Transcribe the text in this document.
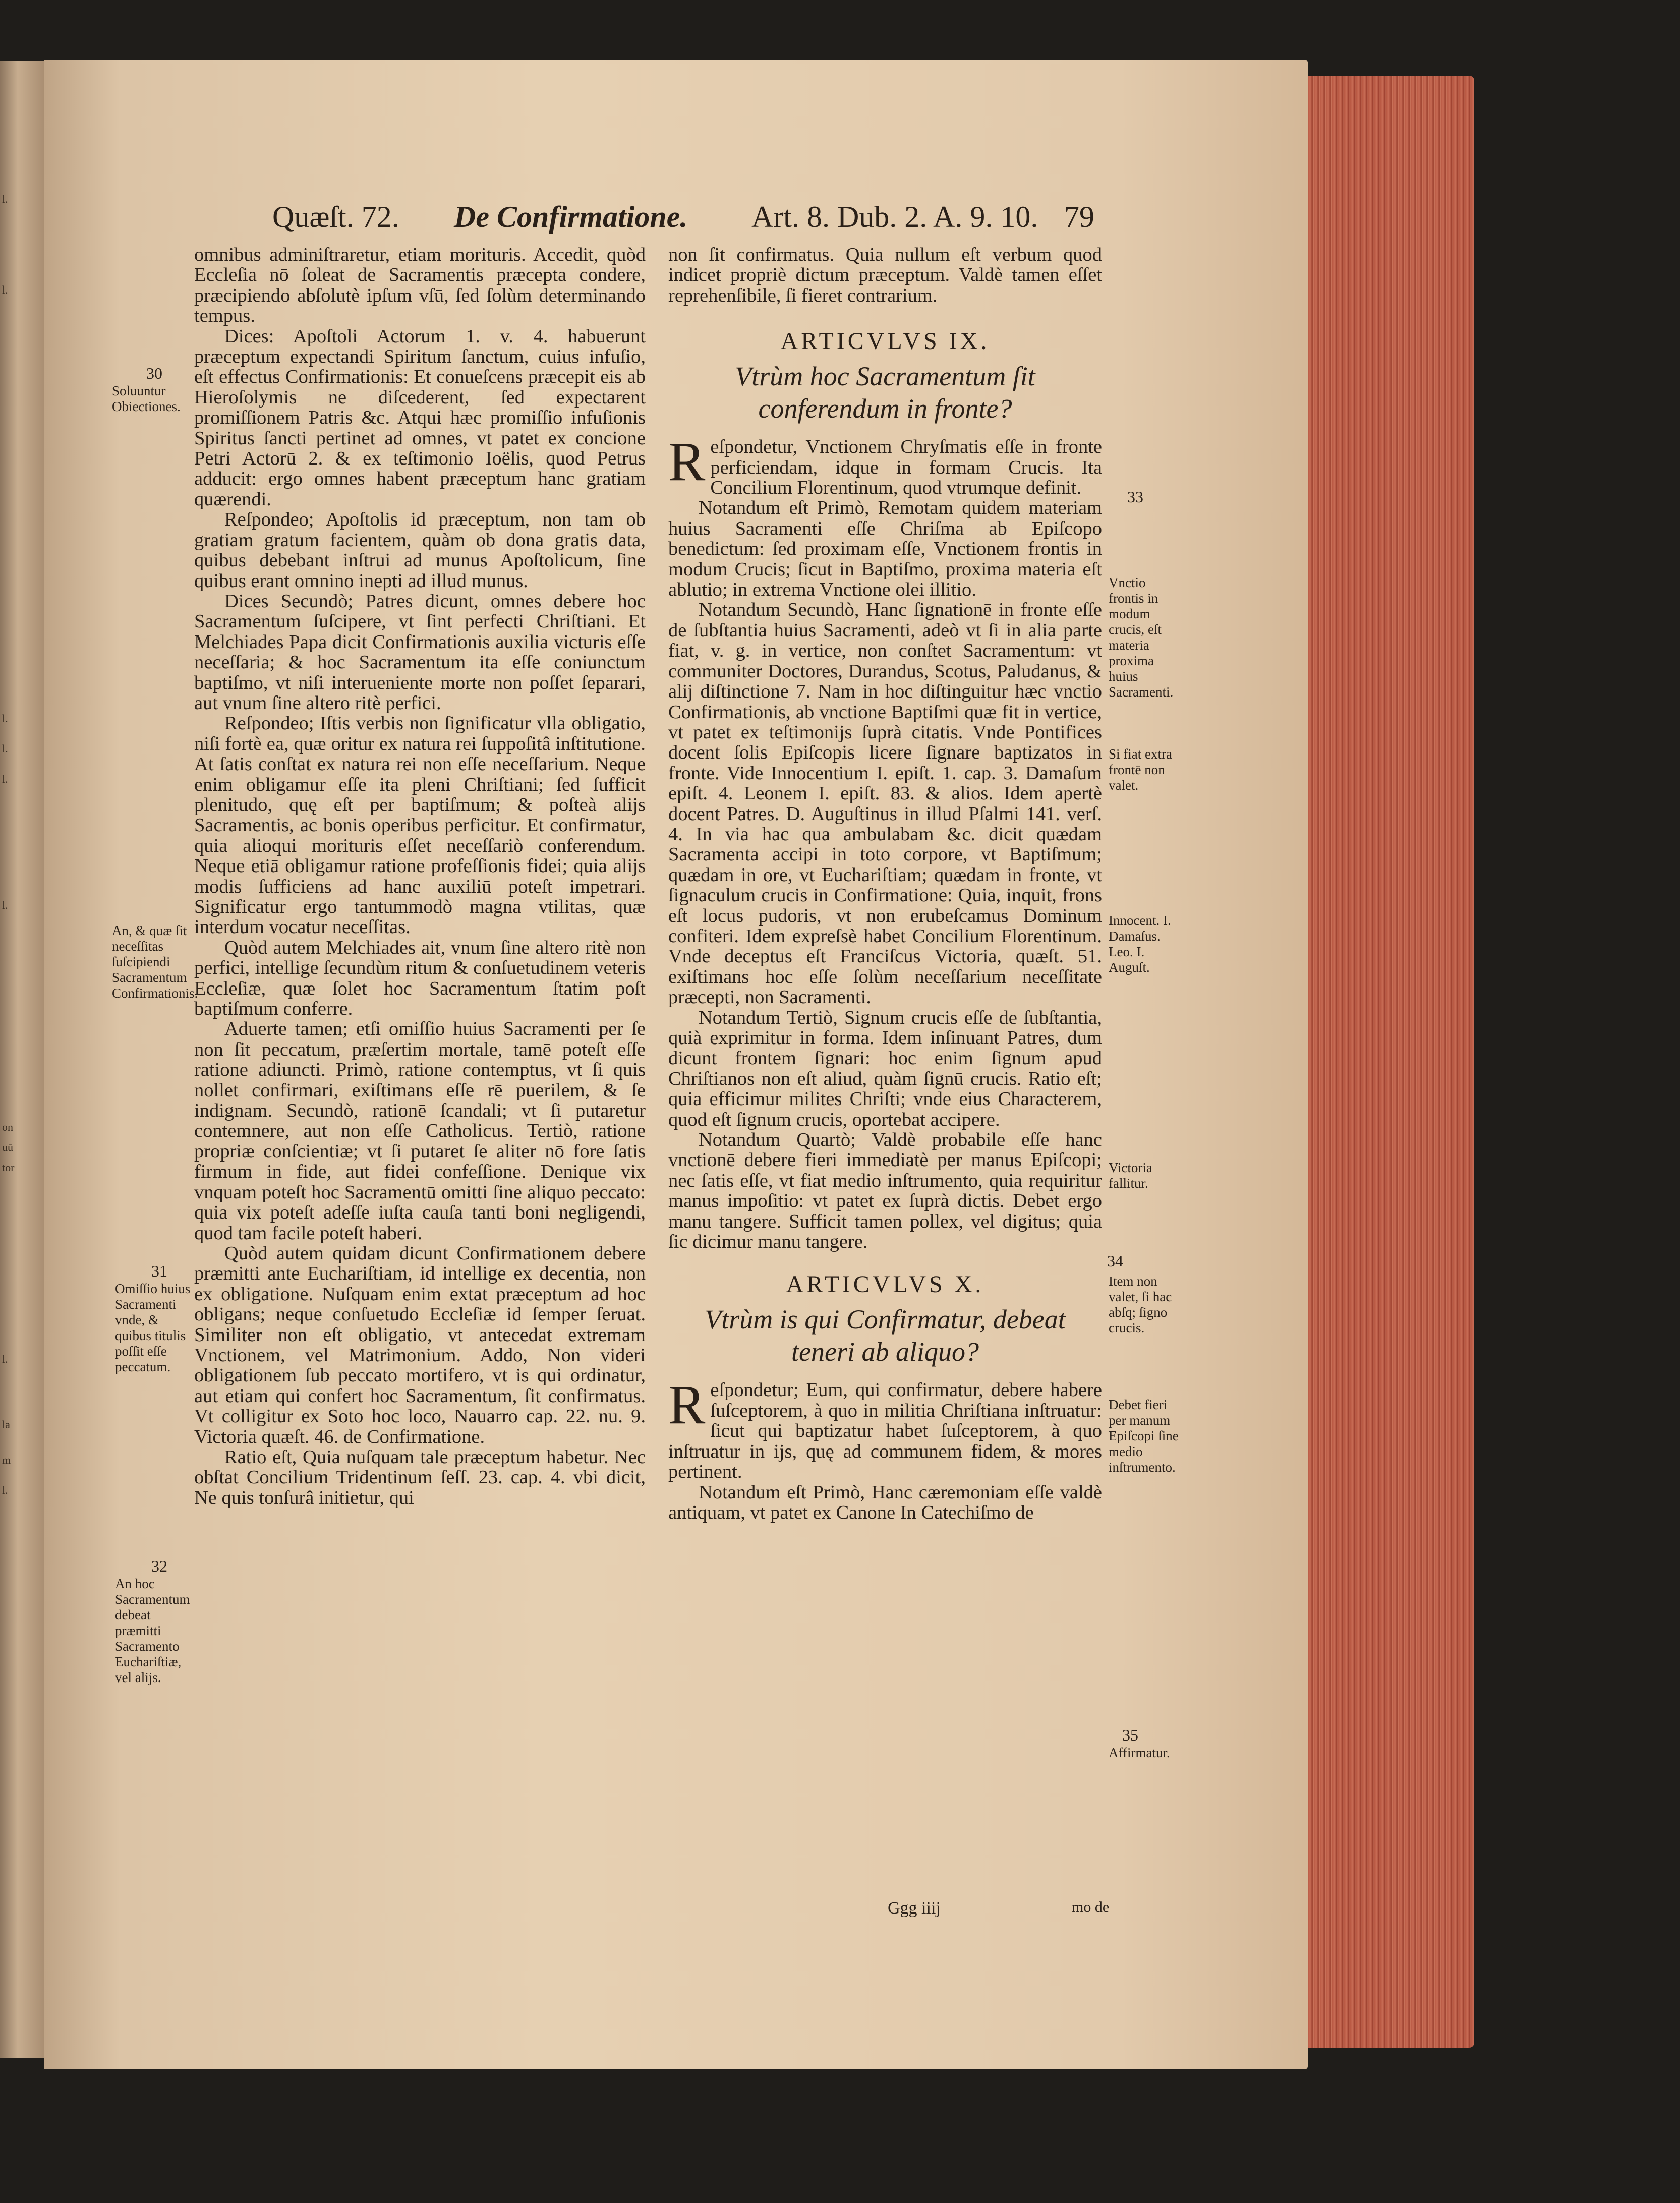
l.
l.
l.
l.
l.
l.
on
uū
tor
l.
la
m
l.
Quæſt. 72. De Confirmatione. Art. 8. Dub. 2. A. 9. 10. 79

omnibus adminiſtraretur, etiam morituris. Accedit, quòd Eccleſia nō ſoleat de Sacramentis præcepta condere, præcipiendo abſolutè ipſum vſū, ſed ſolùm determinando tempus.

Dices: Apoſtoli Actorum 1. v. 4. habuerunt præceptum expectandi Spiritum ſanctum, cuius infuſio, eſt effectus Confirmationis: Et conueſcens præcepit eis ab Hieroſolymis ne diſcederent, ſed expectarent promiſſionem Patris &c. Atqui hæc promiſſio infuſionis Spiritus ſancti pertinet ad omnes, vt patet ex concione Petri Actorū 2. & ex teſtimonio Ioëlis, quod Petrus adducit: ergo omnes habent præceptum hanc gratiam quærendi.

Reſpondeo; Apoſtolis id præceptum, non tam ob gratiam gratum facientem, quàm ob dona gratis data, quibus debebant inſtrui ad munus Apoſtolicum, ſine quibus erant omnino inepti ad illud munus.

Dices Secundò; Patres dicunt, omnes debere hoc Sacramentum ſuſcipere, vt ſint perfecti Chriſtiani. Et Melchiades Papa dicit Confirmationis auxilia victuris eſſe neceſſaria; & hoc Sacramentum ita eſſe coniunctum baptiſmo, vt niſi interueniente morte non poſſet ſeparari, aut vnum ſine altero ritè perfici.

Reſpondeo; Iſtis verbis non ſignificatur vlla obligatio, niſi fortè ea, quæ oritur ex natura rei ſuppoſitâ inſtitutione. At ſatis conſtat ex natura rei non eſſe neceſſarium. Neque enim obligamur eſſe ita pleni Chriſtiani; ſed ſufficit plenitudo, quę eſt per baptiſmum; & poſteà alijs Sacramentis, ac bonis operibus perficitur. Et confirmatur, quia alioqui morituris eſſet neceſſariò conferendum. Neque etiā obligamur ratione profeſſionis fidei; quia alijs modis ſufficiens ad hanc auxiliū poteſt impetrari. Significatur ergo tantummodò magna vtilitas, quæ interdum vocatur neceſſitas.

Quòd autem Melchiades ait, vnum ſine altero ritè non perfici, intellige ſecundùm ritum & conſuetudinem veteris Eccleſiæ, quæ ſolet hoc Sacramentum ſtatim poſt baptiſmum conferre.

Aduerte tamen; etſi omiſſio huius Sacramenti per ſe non ſit peccatum, præſertim mortale, tamē poteſt eſſe ratione adiuncti. Primò, ratione contemptus, vt ſi quis nollet confirmari, exiſtimans eſſe rē puerilem, & ſe indignam. Secundò, rationē ſcandali; vt ſi putaretur contemnere, aut non eſſe Catholicus. Tertiò, ratione propriæ conſcientiæ; vt ſi putaret ſe aliter nō fore ſatis firmum in fide, aut fidei confeſſione. Denique vix vnquam poteſt hoc Sacramentū omitti ſine aliquo peccato: quia vix poteſt adeſſe iuſta cauſa tanti boni negligendi, quod tam facile poteſt haberi.

Quòd autem quidam dicunt Confirmationem debere præmitti ante Euchariſtiam, id intellige ex decentia, non ex obligatione. Nuſquam enim extat præceptum ad hoc obligans; neque conſuetudo Eccleſiæ id ſemper ſeruat. Similiter non eſt obligatio, vt antecedat extremam Vnctionem, vel Matrimonium. Addo, Non videri obligationem ſub peccato mortifero, vt is qui ordinatur, aut etiam qui confert hoc Sacramentum, ſit confirmatus. Vt colligitur ex Soto hoc loco, Nauarro cap. 22. nu. 9. Victoria quæſt. 46. de Confirmatione.

Ratio eſt, Quia nuſquam tale præceptum habetur. Nec obſtat Concilium Tridentinum ſeſſ. 23. cap. 4. vbi dicit, Ne quis tonſurâ initietur, qui

30
Soluuntur Obiectiones.
An, & quæ ſit neceſſitas ſuſcipiendi Sacramentum Confirmationis.
31
Omiſſio huius Sacramenti vnde, & quibus titulis poſſit eſſe peccatum.
32
An hoc Sacramentum debeat præmitti Sacramento Euchariſtiæ, vel alijs.

non ſit confirmatus. Quia nullum eſt verbum quod indicet propriè dictum præceptum. Valdè tamen eſſet reprehenſibile, ſi fieret contrarium.

ARTICVLVS IX.
Vtrùm hoc Sacramentum ſit conferendum in fronte?

Reſpondetur, Vnctionem Chryſmatis eſſe in fronte perficiendam, idque in formam Crucis. Ita Concilium Florentinum, quod vtrumque definit.

Notandum eſt Primò, Remotam quidem materiam huius Sacramenti eſſe Chriſma ab Epiſcopo benedictum: ſed proximam eſſe, Vnctionem frontis in modum Crucis; ſicut in Baptiſmo, proxima materia eſt ablutio; in extrema Vnctione olei illitio.

Notandum Secundò, Hanc ſignationē in fronte eſſe de ſubſtantia huius Sacramenti, adeò vt ſi in alia parte fiat, v. g. in vertice, non conſtet Sacramentum: vt communiter Doctores, Durandus, Scotus, Paludanus, & alij diſtinctione 7. Nam in hoc diſtinguitur hæc vnctio Confirmationis, ab vnctione Baptiſmi quæ fit in vertice, vt patet ex teſtimonijs ſuprà citatis. Vnde Pontifices docent ſolis Epiſcopis licere ſignare baptizatos in fronte. Vide Innocentium I. epiſt. 1. cap. 3. Damaſum epiſt. 4. Leonem I. epiſt. 83. & alios. Idem apertè docent Patres. D. Auguſtinus in illud Pſalmi 141. verſ. 4. In via hac qua ambulabam &c. dicit quædam Sacramenta accipi in toto corpore, vt Baptiſmum; quædam in ore, vt Euchariſtiam; quædam in fronte, vt ſignaculum crucis in Confirmatione: Quia, inquit, frons eſt locus pudoris, vt non erubeſcamus Dominum confiteri. Idem expreſsè habet Concilium Florentinum. Vnde deceptus eſt Franciſcus Victoria, quæſt. 51. exiſtimans hoc eſſe ſolùm neceſſarium neceſſitate præcepti, non Sacramenti.

Notandum Tertiò, Signum crucis eſſe de ſubſtantia, quià exprimitur in forma. Idem inſinuant Patres, dum dicunt frontem ſignari: hoc enim ſignum apud Chriſtianos non eſt aliud, quàm ſignū crucis. Ratio eſt; quia efficimur milites Chriſti; vnde eius Characterem, quod eſt ſignum crucis, oportebat accipere.

Notandum Quartò; Valdè probabile eſſe hanc vnctionē debere fieri immediatè per manus Epiſcopi; nec ſatis eſſe, vt fiat medio inſtrumento, quia requiritur manus impoſitio: vt patet ex ſuprà dictis. Debet ergo manu tangere. Sufficit tamen pollex, vel digitus; quia ſic dicimur manu tangere.

ARTICVLVS X.
Vtrùm is qui Confirmatur, debeat teneri ab aliquo?

Reſpondetur; Eum, qui confirmatur, debere habere ſuſceptorem, à quo in militia Chriſtiana inſtruatur: ſicut qui baptizatur habet ſuſceptorem, à quo inſtruatur in ijs, quę ad communem fidem, & mores pertinent.

Notandum eſt Primò, Hanc cæremoniam eſſe valdè antiquam, vt patet ex Canone In Catechiſmo de

33
Vnctio frontis in modum crucis, eſt materia proxima huius Sacramenti.
Si fiat extra frontē non valet.
Innocent. I. Damaſus. Leo. I. Auguſt.
Victoria fallitur.
34
Item non valet, ſi hac abſq; ſigno crucis.
Debet fieri per manum Epiſcopi ſine medio inſtrumento.
35
Affirmatur.
Ggg iiij	mo de
